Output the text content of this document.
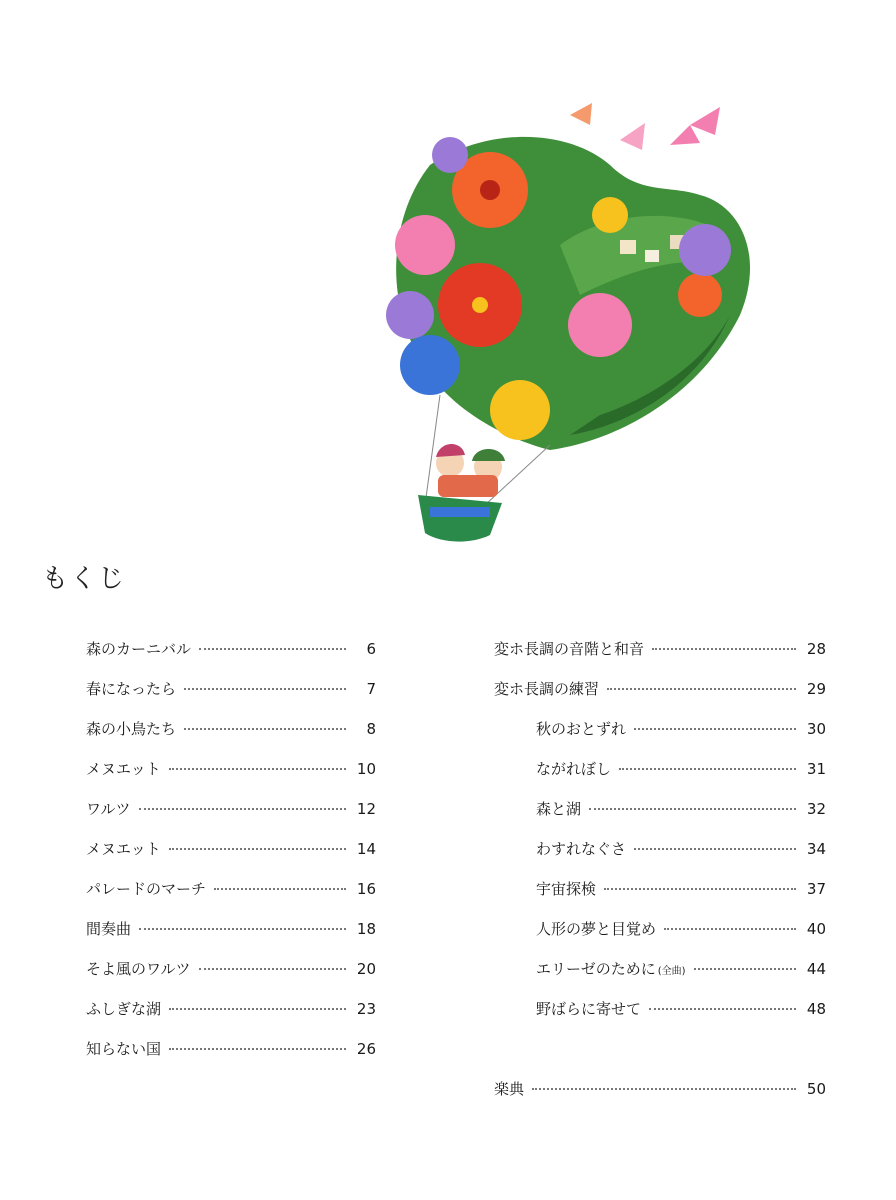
もくじ
森のカーニバル	6
春になったら	7
森の小鳥たち	8
メヌエット	10
ワルツ	12
メヌエット	14
パレードのマーチ	16
間奏曲	18
そよ風のワルツ	20
ふしぎな湖	23
知らない国	26
変ホ長調の音階と和音	28
変ホ長調の練習	29
秋のおとずれ	30
ながれぼし	31
森と湖	32
わすれなぐさ	34
宇宙探検	37
人形の夢と目覚め	40
エリーゼのために (全曲)	44
野ばらに寄せて	48
楽典	50
